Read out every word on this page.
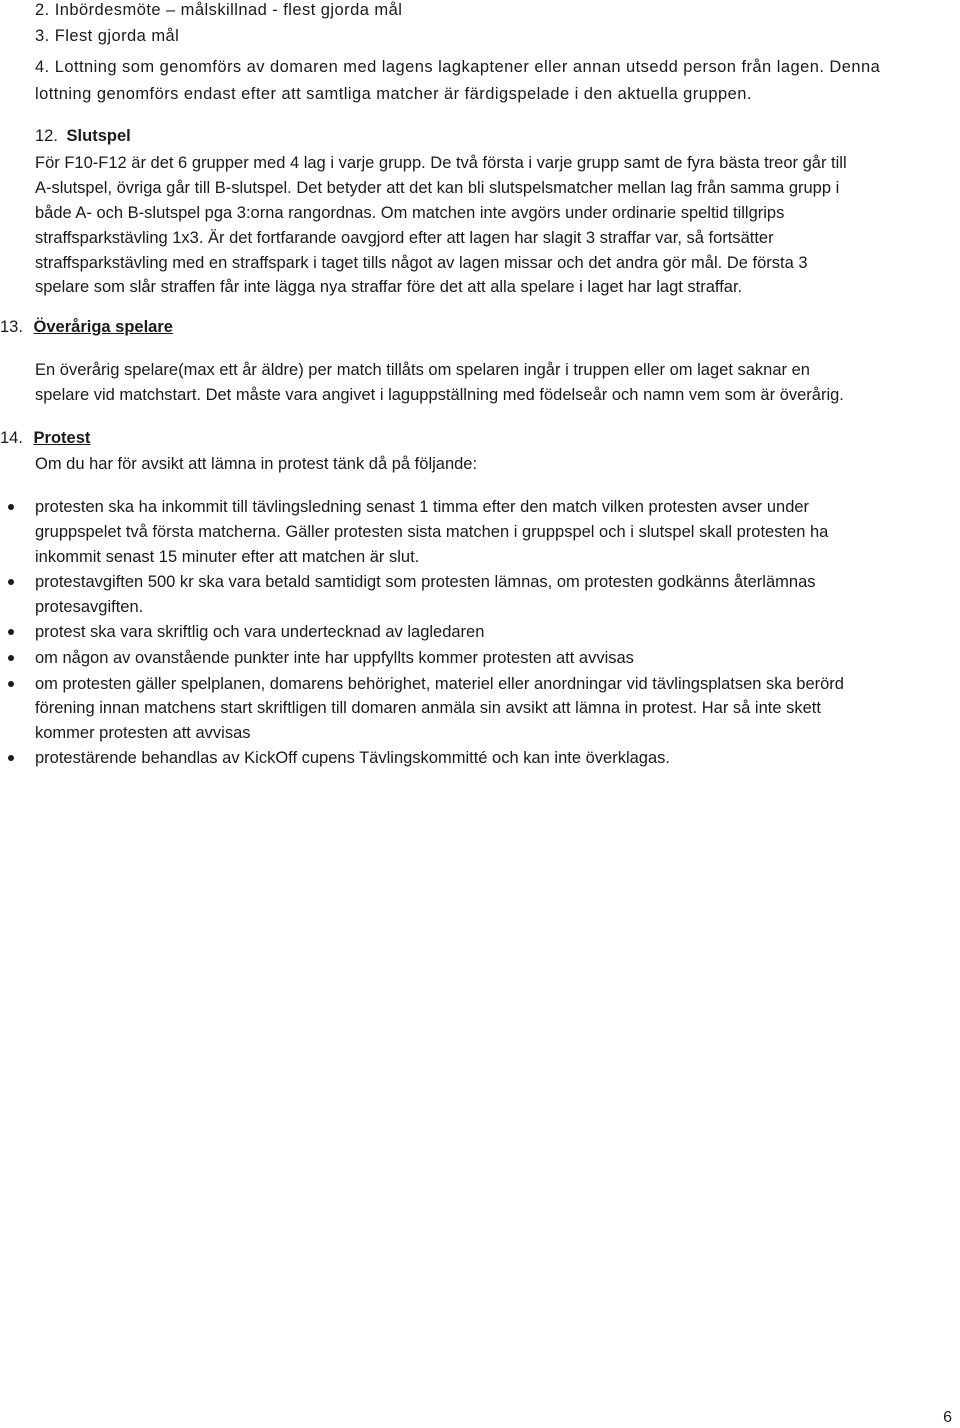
2. Inbördesmöte – målskillnad - flest gjorda mål
3. Flest gjorda mål
4. Lottning som genomförs av domaren med lagens lagkaptener eller annan utsedd person från lagen. Denna
lottning genomförs endast efter att samtliga matcher är färdigspelade i den aktuella gruppen.
12. Slutspel
För F10-F12 är det 6 grupper med 4 lag i varje grupp. De två första i varje grupp samt de fyra bästa treor går till
A-slutspel, övriga går till B-slutspel. Det betyder att det kan bli slutspelsmatcher mellan lag från samma grupp i
både A- och B-slutspel pga 3:orna rangordnas. Om matchen inte avgörs under ordinarie speltid tillgrips
straffsparkstävling 1x3. Är det fortfarande oavgjord efter att lagen har slagit 3 straffar var, så fortsätter
straffsparkstävling med en straffspark i taget tills något av lagen missar och det andra gör mål. De första 3
spelare som slår straffen får inte lägga nya straffar före det att alla spelare i laget har lagt straffar.
13. Överåriga spelare
En överårig spelare(max ett år äldre) per match tillåts om spelaren ingår i truppen eller om laget saknar en
spelare vid matchstart. Det måste vara angivet i laguppställning med födelseår och namn vem som är överårig.
14. Protest
Om du har för avsikt att lämna in protest tänk då på följande:
protesten ska ha inkommit till tävlingsledning senast 1 timma efter den match vilken protesten avser under
gruppspelet två första matcherna. Gäller protesten sista matchen i gruppspel och i slutspel skall protesten ha
inkommit senast 15 minuter efter att matchen är slut.
protestavgiften 500 kr ska vara betald samtidigt som protesten lämnas, om protesten godkänns återlämnas
protesavgiften.
protest ska vara skriftlig och vara undertecknad av lagledaren
om någon av ovanstående punkter inte har uppfyllts kommer protesten att avvisas
om protesten gäller spelplanen, domarens behörighet, materiel eller anordningar vid tävlingsplatsen ska berörd
förening innan matchens start skriftligen till domaren anmäla sin avsikt att lämna in protest. Har så inte skett
kommer protesten att avvisas
protestärende behandlas av KickOff cupens Tävlingskommitté och kan inte överklagas.
6
